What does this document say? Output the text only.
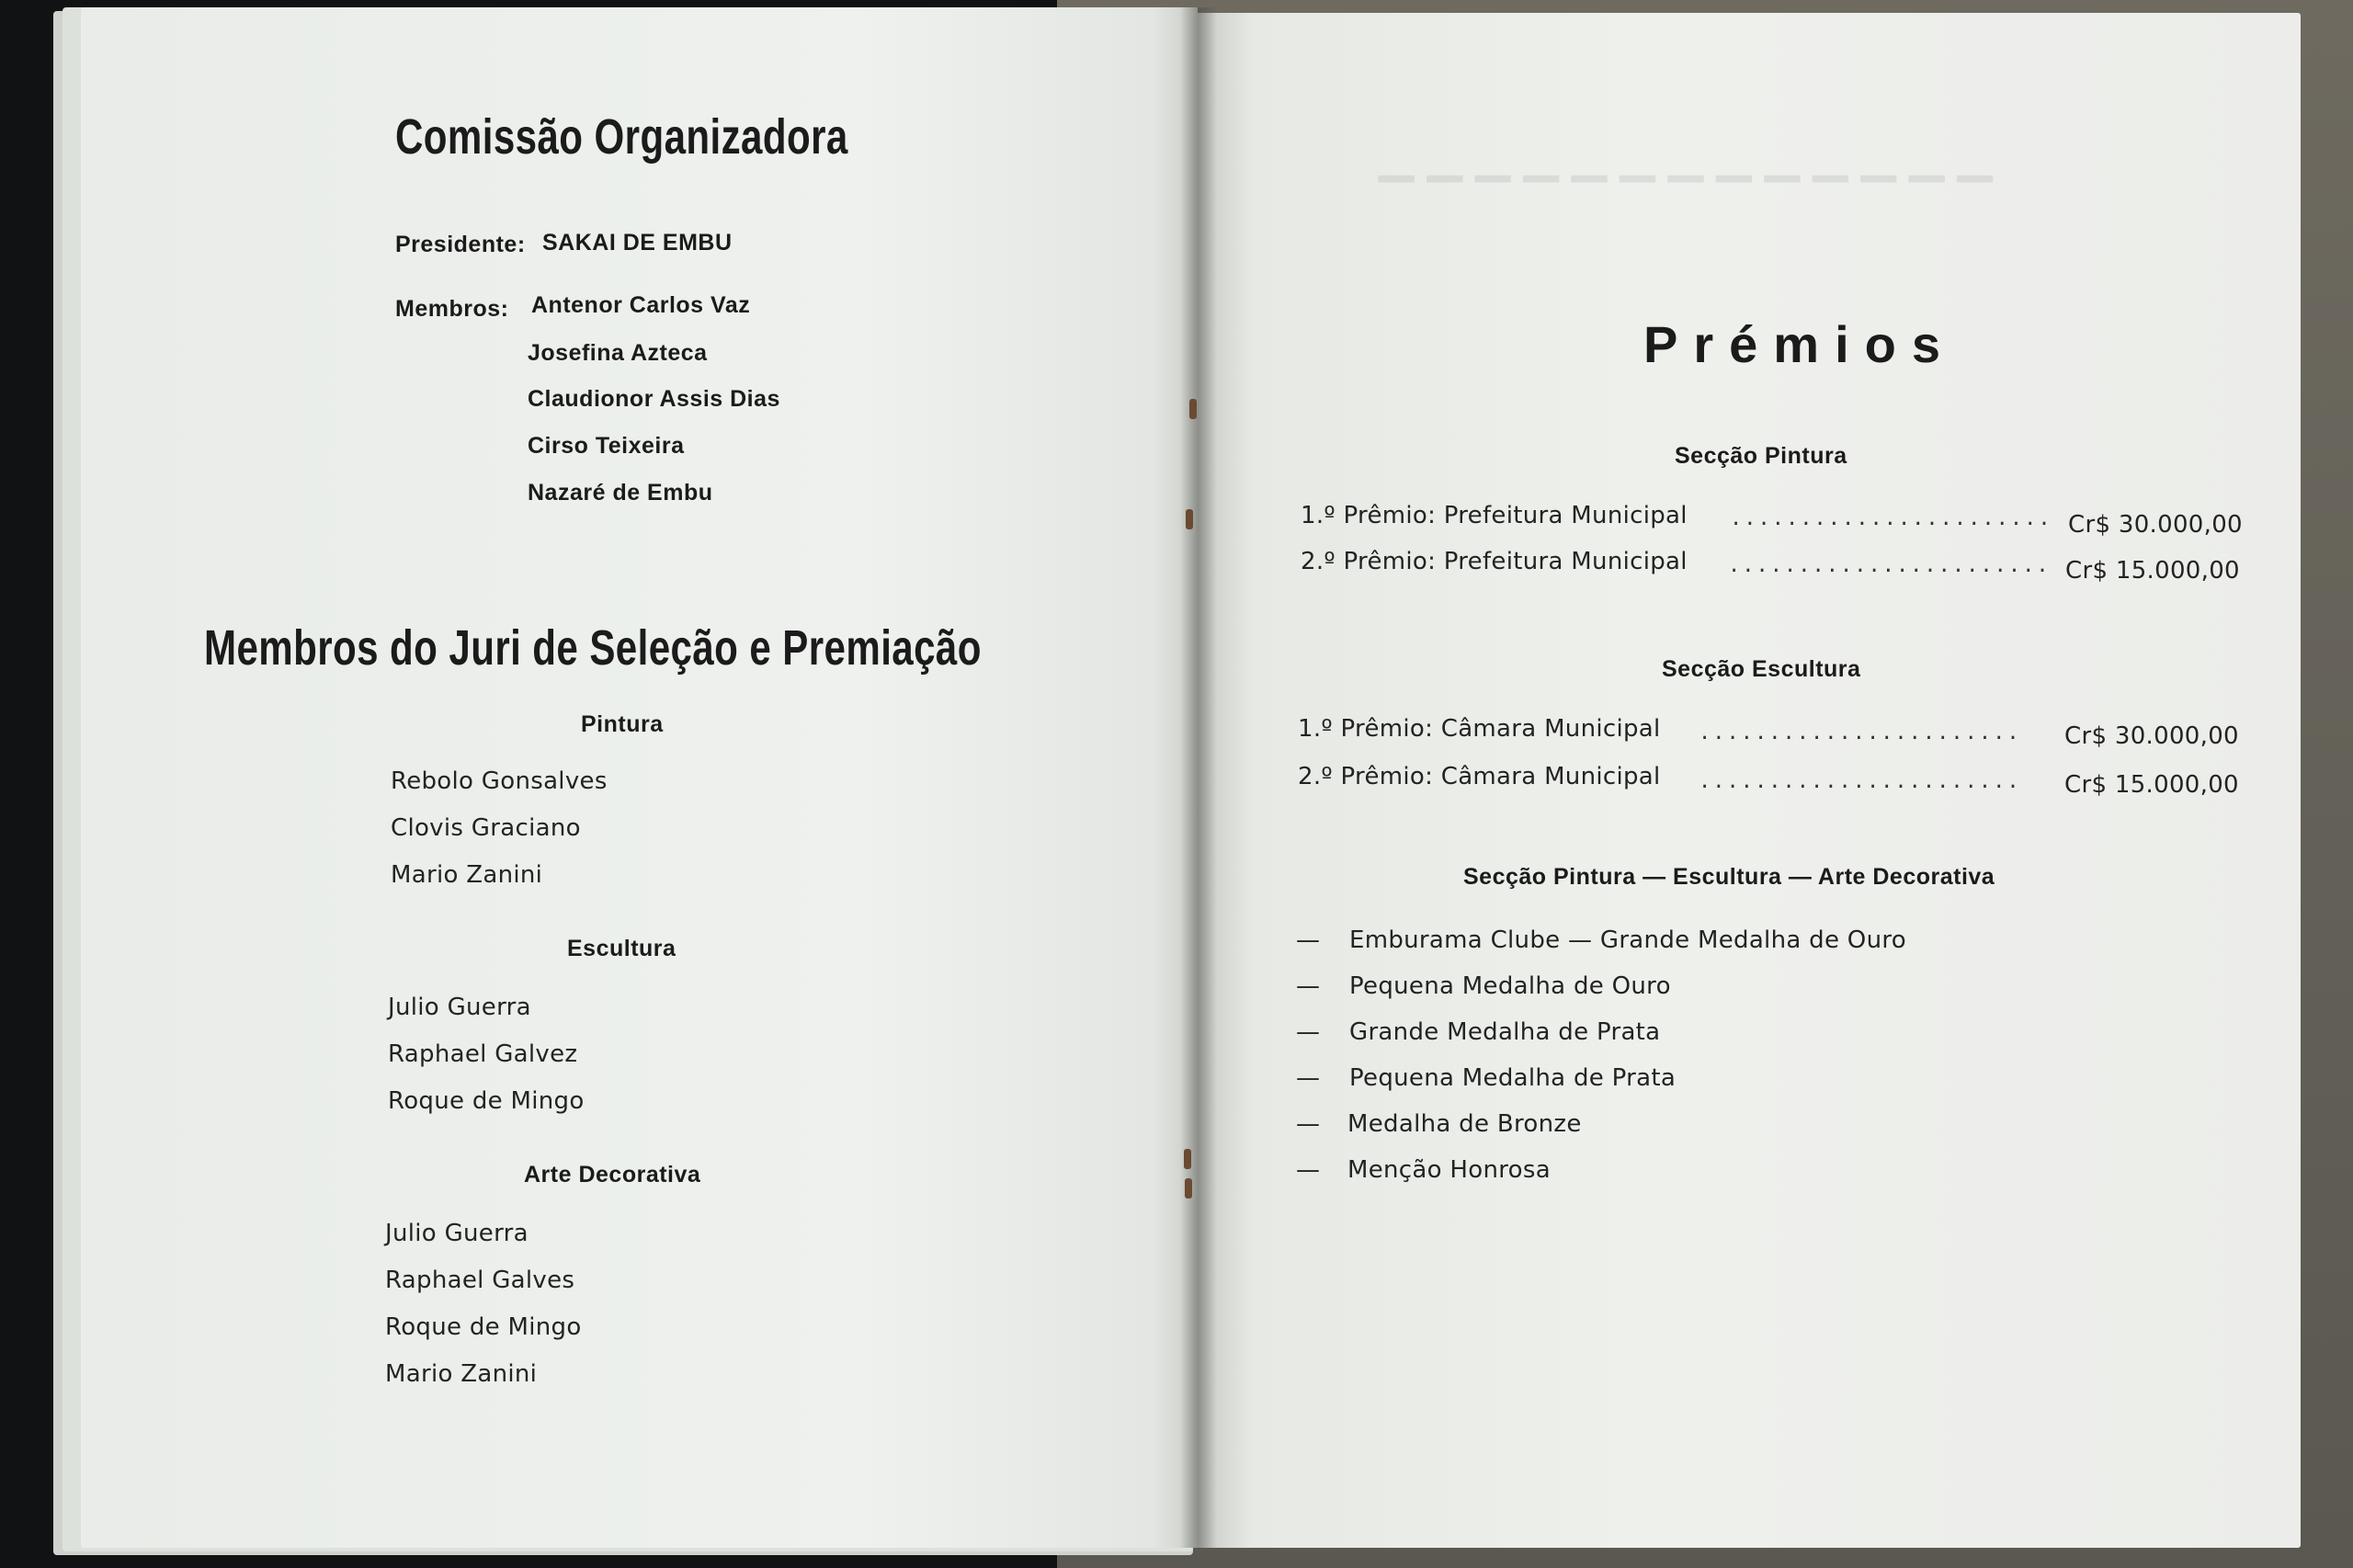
Comissão Organizadora
Presidente: SAKAI DE EMBU
Membros: Antenor Carlos Vaz
Josefina Azteca
Claudionor Assis Dias
Cirso Teixeira
Nazaré de Embu
Membros do Juri de Seleção e Premiação
Pintura
Rebolo Gonsalves
Clovis Graciano
Mario Zanini
Escultura
Julio Guerra
Raphael Galvez
Roque de Mingo
Arte Decorativa
Julio Guerra
Raphael Galves
Roque de Mingo
Mario Zanini
▁▁▁▁▁▁▁▁▁▁▁▁▁
Prémios
Secção Pintura
1.º Prêmio: Prefeitura Municipal ....................... Cr$ 30.000,00
2.º Prêmio: Prefeitura Municipal ....................... Cr$ 15.000,00
Secção Escultura
1.º Prêmio: Câmara Municipal ....................... Cr$ 30.000,00
2.º Prêmio: Câmara Municipal ....................... Cr$ 15.000,00
Secção Pintura — Escultura — Arte Decorativa
— Emburama Clube — Grande Medalha de Ouro
— Pequena Medalha de Ouro
— Grande Medalha de Prata
— Pequena Medalha de Prata
— Medalha de Bronze
— Menção Honrosa
